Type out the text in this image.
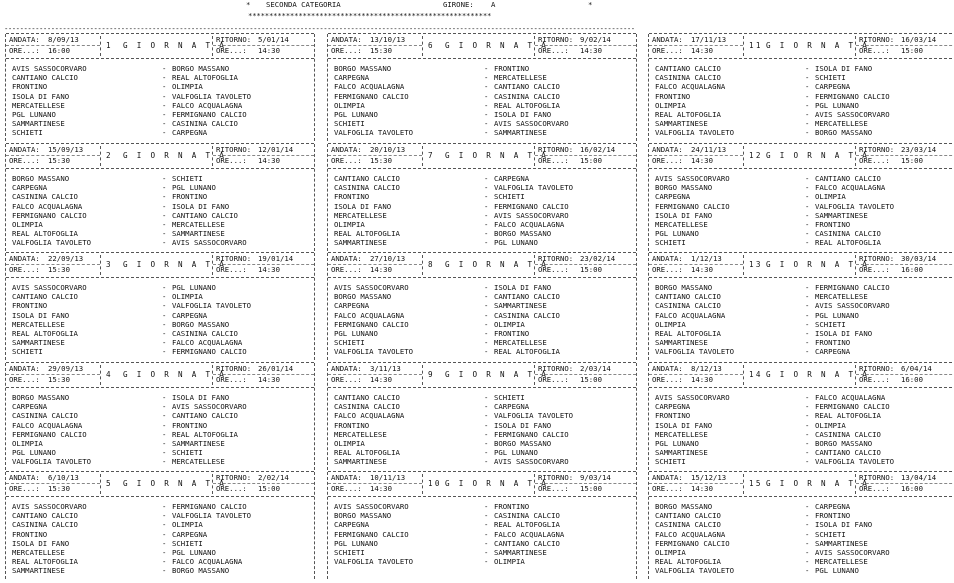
* SECONDA CATEGORIA	GIRONE: A	*
**********************************************************
------------------------------------------------------------------------------------------------------------------------------------------------------------------
ANDATA: 8/09/13
ORE...: 16:00
1 G I O R N A T A
RITORNO: 5/01/14
ORE...: 14:30
AVIS SASSOCORVARO	- BORGO MASSANO
CANTIANO CALCIO	- REAL ALTOFOGLIA
FRONTINO	- OLIMPIA
ISOLA DI FANO	- VALFOGLIA TAVOLETO
MERCATELLESE	- FALCO ACQUALAGNA
PGL LUNANO	- FERMIGNANO CALCIO
SAMMARTINESE	- CASININA CALCIO
SCHIETI	- CARPEGNA
ANDATA: 13/10/13
ORE...: 15:30
6 G I O R N A T A
RITORNO: 9/02/14
ORE...: 14:30
BORGO MASSANO	- FRONTINO
CARPEGNA	- MERCATELLESE
FALCO ACQUALAGNA	- CANTIANO CALCIO
FERMIGNANO CALCIO	- CASININA CALCIO
OLIMPIA	- REAL ALTOFOGLIA
PGL LUNANO	- ISOLA DI FANO
SCHIETI	- AVIS SASSOCORVARO
VALFOGLIA TAVOLETO	- SAMMARTINESE
ANDATA: 17/11/13
ORE...: 14:30
11 G I O R N A T A
RITORNO: 16/03/14
ORE...: 15:00
CANTIANO CALCIO	- ISOLA DI FANO
CASININA CALCIO	- SCHIETI
FALCO ACQUALAGNA	- CARPEGNA
FRONTINO	- FERMIGNANO CALCIO
OLIMPIA	- PGL LUNANO
REAL ALTOFOGLIA	- AVIS SASSOCORVARO
SAMMARTINESE	- MERCATELLESE
VALFOGLIA TAVOLETO	- BORGO MASSANO
ANDATA: 15/09/13
ORE...: 15:30
2 G I O R N A T A
RITORNO: 12/01/14
ORE...: 14:30
BORGO MASSANO	- SCHIETI
CARPEGNA	- PGL LUNANO
CASININA CALCIO	- FRONTINO
FALCO ACQUALAGNA	- ISOLA DI FANO
FERMIGNANO CALCIO	- CANTIANO CALCIO
OLIMPIA	- MERCATELLESE
REAL ALTOFOGLIA	- SAMMARTINESE
VALFOGLIA TAVOLETO	- AVIS SASSOCORVARO
ANDATA: 20/10/13
ORE...: 15:30
7 G I O R N A T A
RITORNO: 16/02/14
ORE...: 15:00
CANTIANO CALCIO	- CARPEGNA
CASININA CALCIO	- VALFOGLIA TAVOLETO
FRONTINO	- SCHIETI
ISOLA DI FANO	- FERMIGNANO CALCIO
MERCATELLESE	- AVIS SASSOCORVARO
OLIMPIA	- FALCO ACQUALAGNA
REAL ALTOFOGLIA	- BORGO MASSANO
SAMMARTINESE	- PGL LUNANO
ANDATA: 24/11/13
ORE...: 14:30
12 G I O R N A T A
RITORNO: 23/03/14
ORE...: 15:00
AVIS SASSOCORVARO	- CANTIANO CALCIO
BORGO MASSANO	- FALCO ACQUALAGNA
CARPEGNA	- OLIMPIA
FERMIGNANO CALCIO	- VALFOGLIA TAVOLETO
ISOLA DI FANO	- SAMMARTINESE
MERCATELLESE	- FRONTINO
PGL LUNANO	- CASININA CALCIO
SCHIETI	- REAL ALTOFOGLIA
ANDATA: 22/09/13
ORE...: 15:30
3 G I O R N A T A
RITORNO: 19/01/14
ORE...: 14:30
AVIS SASSOCORVARO	- PGL LUNANO
CANTIANO CALCIO	- OLIMPIA
FRONTINO	- VALFOGLIA TAVOLETO
ISOLA DI FANO	- CARPEGNA
MERCATELLESE	- BORGO MASSANO
REAL ALTOFOGLIA	- CASININA CALCIO
SAMMARTINESE	- FALCO ACQUALAGNA
SCHIETI	- FERMIGNANO CALCIO
ANDATA: 27/10/13
ORE...: 14:30
8 G I O R N A T A
RITORNO: 23/02/14
ORE...: 15:00
AVIS SASSOCORVARO	- ISOLA DI FANO
BORGO MASSANO	- CANTIANO CALCIO
CARPEGNA	- SAMMARTINESE
FALCO ACQUALAGNA	- CASININA CALCIO
FERMIGNANO CALCIO	- OLIMPIA
PGL LUNANO	- FRONTINO
SCHIETI	- MERCATELLESE
VALFOGLIA TAVOLETO	- REAL ALTOFOGLIA
ANDATA: 1/12/13
ORE...: 14:30
13 G I O R N A T A
RITORNO: 30/03/14
ORE...: 16:00
BORGO MASSANO	- FERMIGNANO CALCIO
CANTIANO CALCIO	- MERCATELLESE
CASININA CALCIO	- AVIS SASSOCORVARO
FALCO ACQUALAGNA	- PGL LUNANO
OLIMPIA	- SCHIETI
REAL ALTOFOGLIA	- ISOLA DI FANO
SAMMARTINESE	- FRONTINO
VALFOGLIA TAVOLETO	- CARPEGNA
ANDATA: 29/09/13
ORE...: 15:30
4 G I O R N A T A
RITORNO: 26/01/14
ORE...: 14:30
BORGO MASSANO	- ISOLA DI FANO
CARPEGNA	- AVIS SASSOCORVARO
CASININA CALCIO	- CANTIANO CALCIO
FALCO ACQUALAGNA	- FRONTINO
FERMIGNANO CALCIO	- REAL ALTOFOGLIA
OLIMPIA	- SAMMARTINESE
PGL LUNANO	- SCHIETI
VALFOGLIA TAVOLETO	- MERCATELLESE
ANDATA: 3/11/13
ORE...: 14:30
9 G I O R N A T A
RITORNO: 2/03/14
ORE...: 15:00
CANTIANO CALCIO	- SCHIETI
CASININA CALCIO	- CARPEGNA
FALCO ACQUALAGNA	- VALFOGLIA TAVOLETO
FRONTINO	- ISOLA DI FANO
MERCATELLESE	- FERMIGNANO CALCIO
OLIMPIA	- BORGO MASSANO
REAL ALTOFOGLIA	- PGL LUNANO
SAMMARTINESE	- AVIS SASSOCORVARO
ANDATA: 8/12/13
ORE...: 14:30
14 G I O R N A T A
RITORNO: 6/04/14
ORE...: 16:00
AVIS SASSOCORVARO	- FALCO ACQUALAGNA
CARPEGNA	- FERMIGNANO CALCIO
FRONTINO	- REAL ALTOFOGLIA
ISOLA DI FANO	- OLIMPIA
MERCATELLESE	- CASININA CALCIO
PGL LUNANO	- BORGO MASSANO
SAMMARTINESE	- CANTIANO CALCIO
SCHIETI	- VALFOGLIA TAVOLETO
ANDATA: 6/10/13
ORE...: 15:30
5 G I O R N A T A
RITORNO: 2/02/14
ORE...: 15:00
AVIS SASSOCORVARO	- FERMIGNANO CALCIO
CANTIANO CALCIO	- VALFOGLIA TAVOLETO
CASININA CALCIO	- OLIMPIA
FRONTINO	- CARPEGNA
ISOLA DI FANO	- SCHIETI
MERCATELLESE	- PGL LUNANO
REAL ALTOFOGLIA	- FALCO ACQUALAGNA
SAMMARTINESE	- BORGO MASSANO
ANDATA: 10/11/13
ORE...: 14:30
10 G I O R N A T A
RITORNO: 9/03/14
ORE...: 15:00
AVIS SASSOCORVARO	- FRONTINO
BORGO MASSANO	- CASININA CALCIO
CARPEGNA	- REAL ALTOFOGLIA
FERMIGNANO CALCIO	- FALCO ACQUALAGNA
PGL LUNANO	- CANTIANO CALCIO
SCHIETI	- SAMMARTINESE
VALFOGLIA TAVOLETO	- OLIMPIA
ANDATA: 15/12/13
ORE...: 14:30
15 G I O R N A T A
RITORNO: 13/04/14
ORE...: 16:00
BORGO MASSANO	- CARPEGNA
CANTIANO CALCIO	- FRONTINO
CASININA CALCIO	- ISOLA DI FANO
FALCO ACQUALAGNA	- SCHIETI
FERMIGNANO CALCIO	- SAMMARTINESE
OLIMPIA	- AVIS SASSOCORVARO
REAL ALTOFOGLIA	- MERCATELLESE
VALFOGLIA TAVOLETO	- PGL LUNANO
